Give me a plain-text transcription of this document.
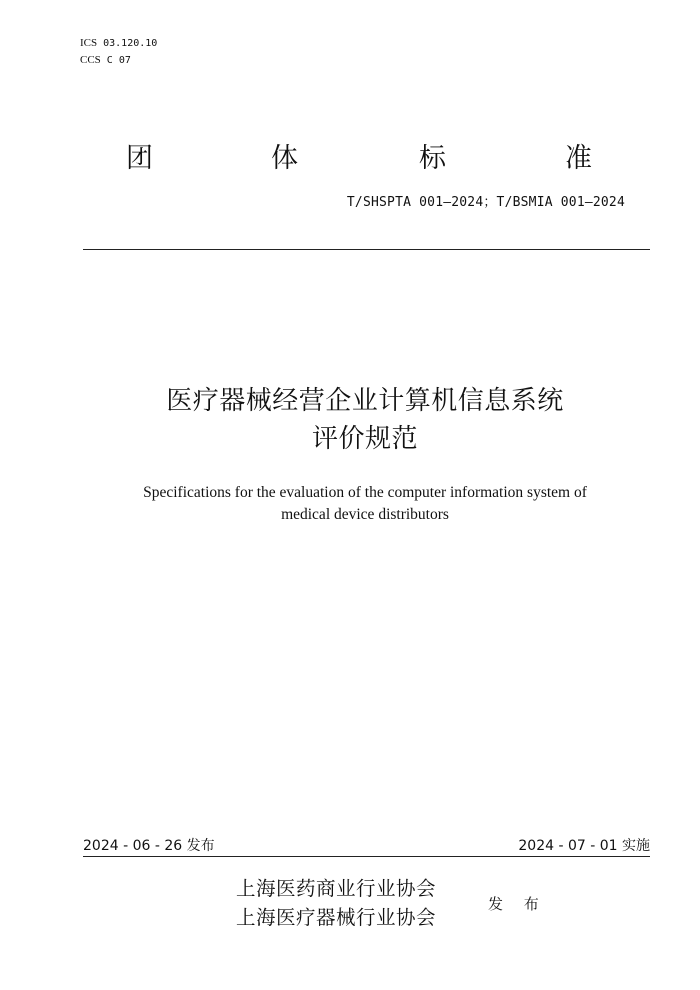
ICS 03.120.10
CCS C 07
团	体	标	准
T/SHSPTA 001—2024；T/BSMIA 001—2024
医疗器械经营企业计算机信息系统
评价规范
Specifications for the evaluation of the computer information system of
medical device distributors
2024 - 06 - 26 发布	2024 - 07 - 01 实施
上海医药商业行业协会
上海医疗器械行业协会
发 布
